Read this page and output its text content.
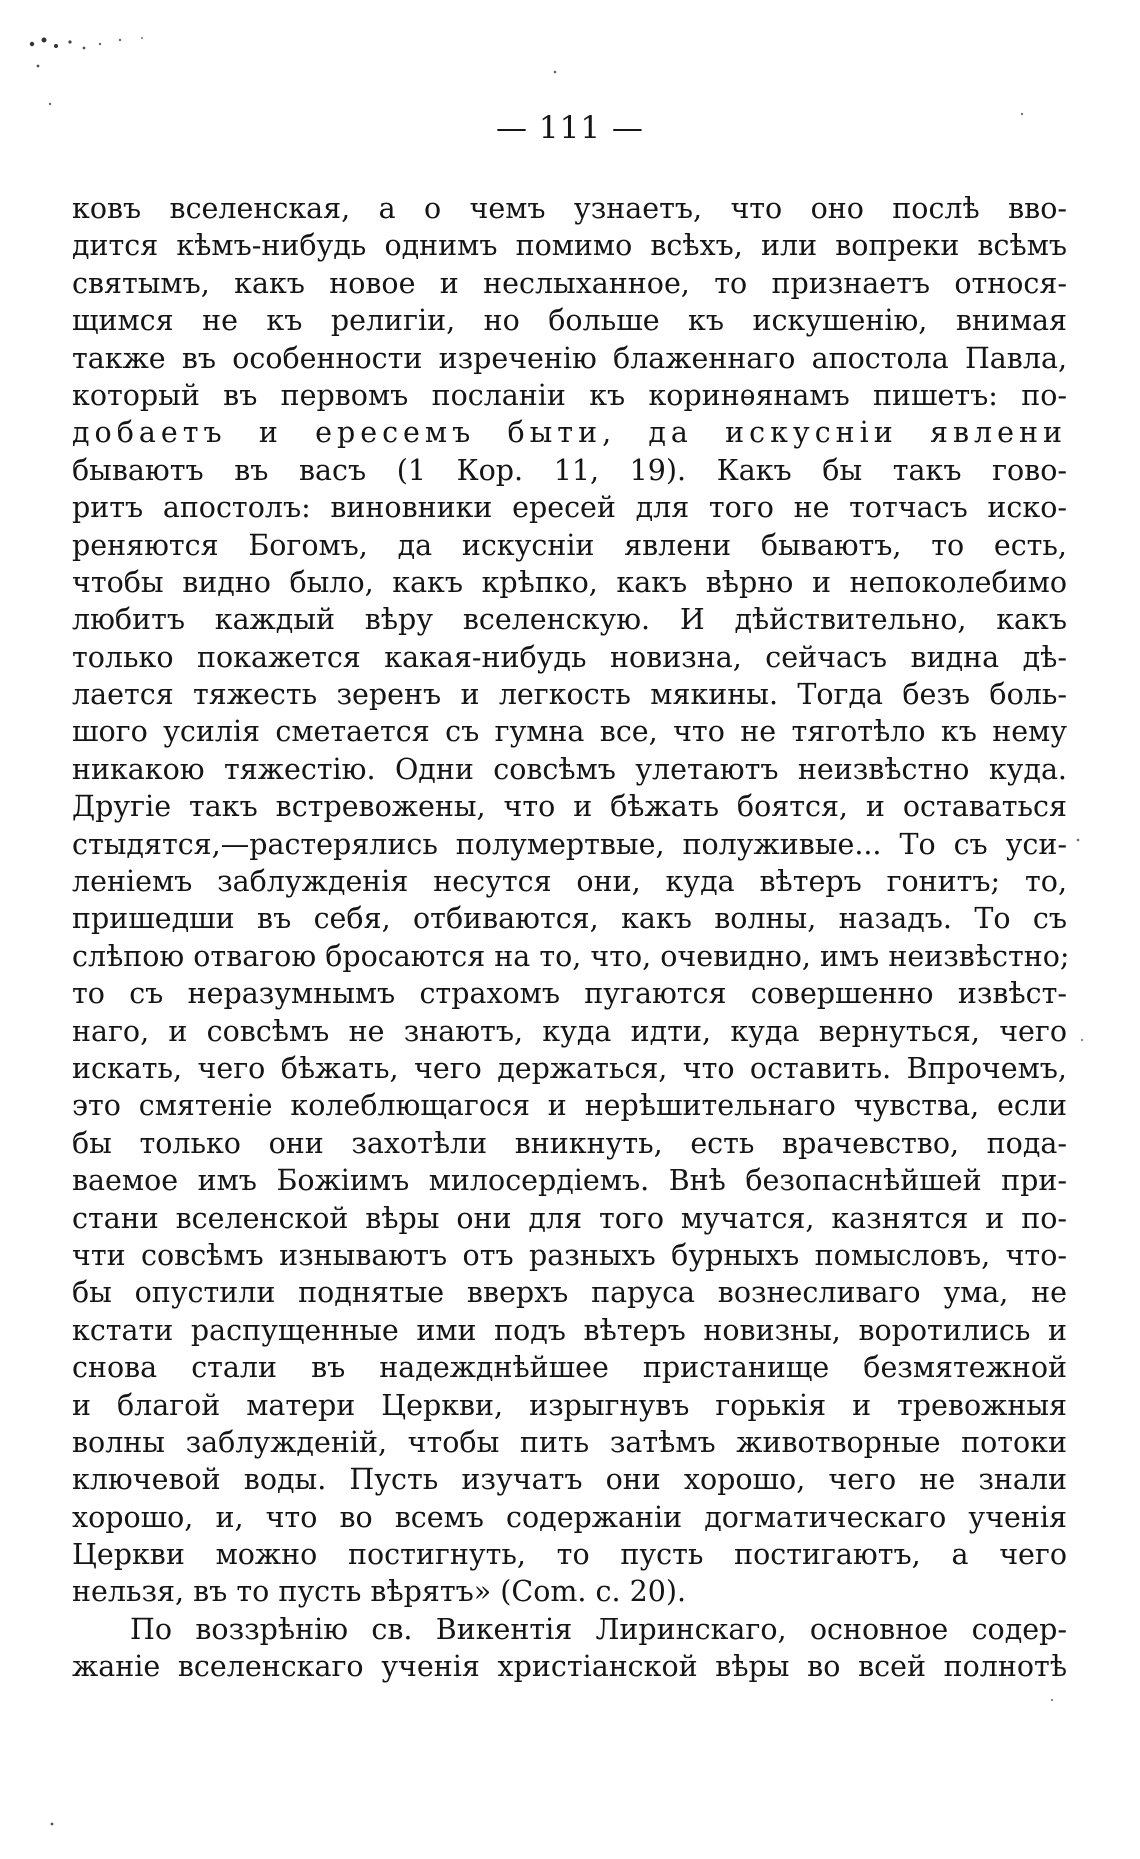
— 111 —
ковъ вселенская, а о чемъ узнаетъ, что оно послѣ вво-
дится кѣмъ-нибудь однимъ помимо всѣхъ, или вопреки всѣмъ
святымъ, какъ новое и неслыханное, то признаетъ относя-
щимся не къ религіи, но больше къ искушенію, внимая
также въ особенности изреченію блаженнаго апостола Павла,
который въ первомъ посланіи къ коринѳянамъ пишетъ: по-
добаетъ и ересемъ быти, да искусніи явлени
бываютъ въ васъ (1 Кор. 11, 19). Какъ бы такъ гово-
ритъ апостолъ: виновники ересей для того не тотчасъ иско-
реняются Богомъ, да искусніи явлени бываютъ, то есть,
чтобы видно было, какъ крѣпко, какъ вѣрно и непоколебимо
любитъ каждый вѣру вселенскую. И дѣйствительно, какъ
только покажется какая-нибудь новизна, сейчасъ видна дѣ-
лается тяжесть зеренъ и легкость мякины. Тогда безъ боль-
шого усилія сметается съ гумна все, что не тяготѣло къ нему
никакою тяжестію. Одни совсѣмъ улетаютъ неизвѣстно куда.
Другіе такъ встревожены, что и бѣжать боятся, и оставаться
стыдятся,—растерялись полумертвые, полуживые... То съ уси-
леніемъ заблужденія несутся они, куда вѣтеръ гонитъ; то,
пришедши въ себя, отбиваются, какъ волны, назадъ. То съ
слѣпою отвагою бросаются на то, что, очевидно, имъ неизвѣстно;
то съ неразумнымъ страхомъ пугаются совершенно извѣст-
наго, и совсѣмъ не знаютъ, куда идти, куда вернуться, чего
искать, чего бѣжать, чего держаться, что оставить. Впрочемъ,
это смятеніе колеблющагося и нерѣшительнаго чувства, если
бы только они захотѣли вникнуть, есть врачевство, пода-
ваемое имъ Божіимъ милосердіемъ. Внѣ безопаснѣйшей при-
стани вселенской вѣры они для того мучатся, казнятся и по-
чти совсѣмъ изнываютъ отъ разныхъ бурныхъ помысловъ, что-
бы опустили поднятые вверхъ паруса вознесливаго ума, не
кстати распущенные ими подъ вѣтеръ новизны, воротились и
снова стали въ надежднѣйшее пристанище безмятежной
и благой матери Церкви, изрыгнувъ горькія и тревожныя
волны заблужденій, чтобы пить затѣмъ животворные потоки
ключевой воды. Пусть изучатъ они хорошо, чего не знали
хорошо, и, что во всемъ содержаніи догматическаго ученія
Церкви можно постигнуть, то пусть постигаютъ, а чего
нельзя, въ то пусть вѣрятъ» (Com. c. 20).
По воззрѣнію св. Викентія Лиринскаго, основное содер-
жаніе вселенскаго ученія христіанской вѣры во всей полнотѣ
